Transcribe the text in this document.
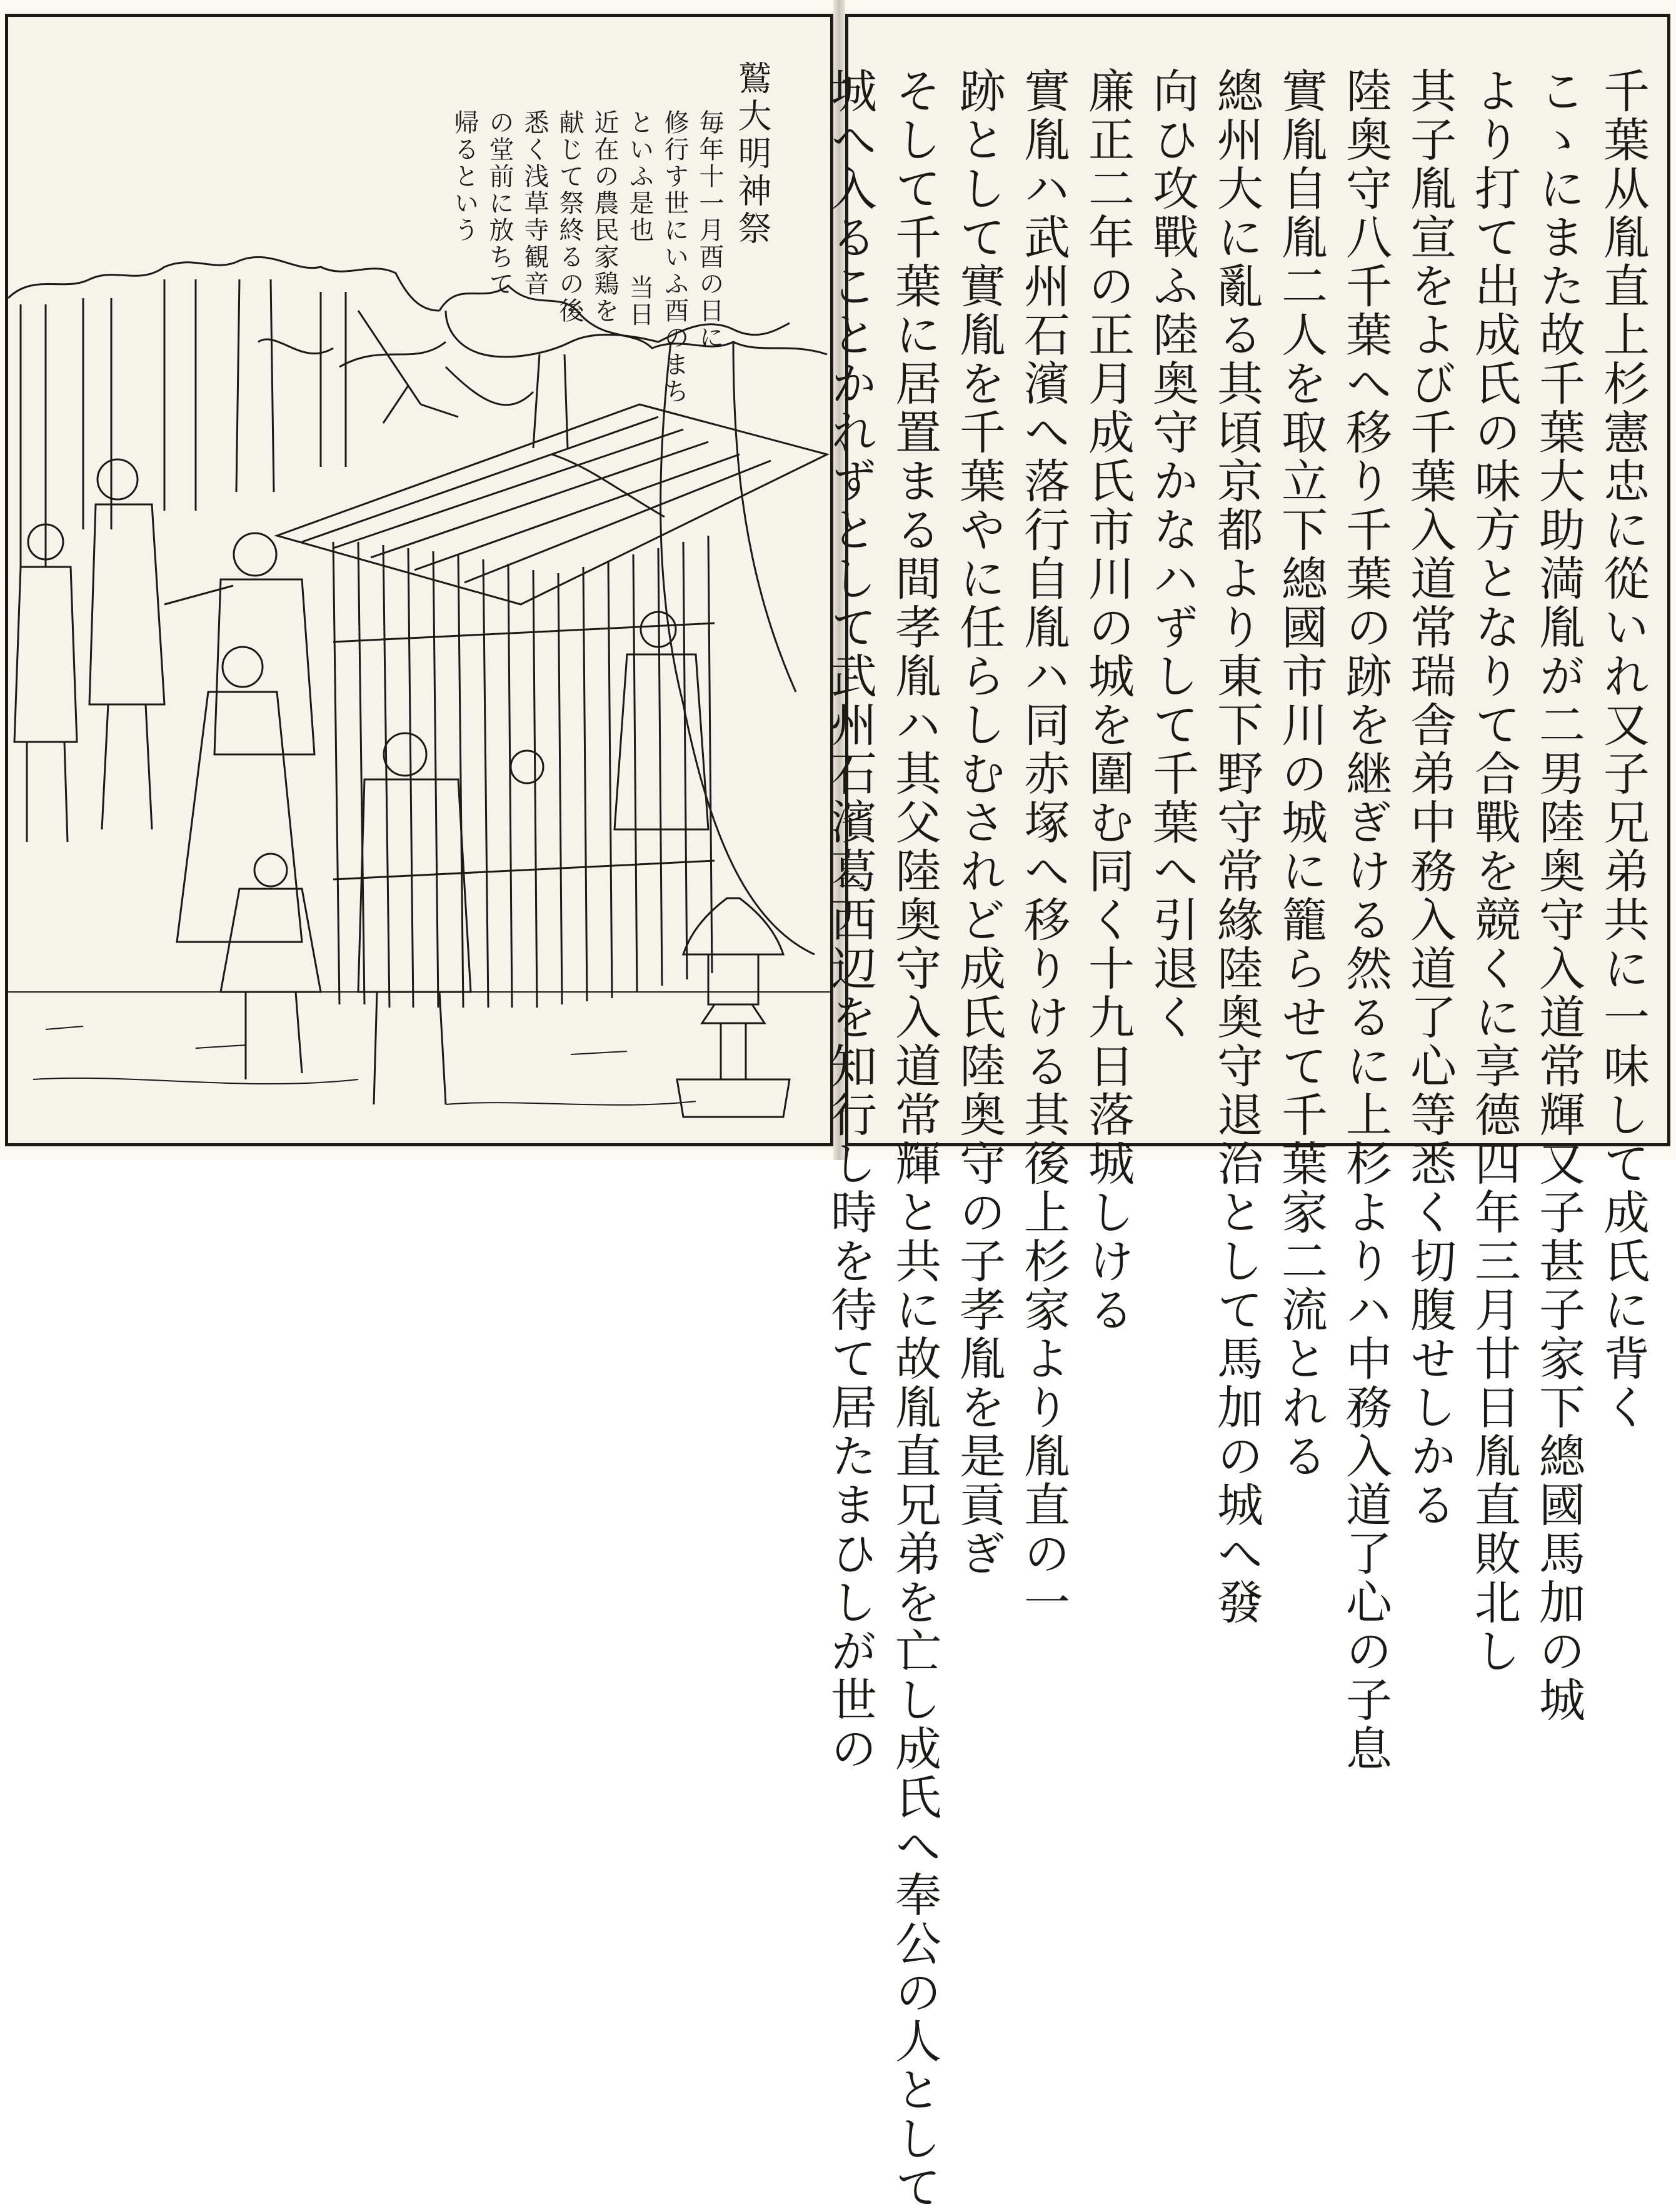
鷲大明神祭
毎年十一月酉の日に
修行す世にいふ酉のまち
といふ是也 当日
近在の農民家鶏を
献じて祭終るの後
悉く浅草寺観音
の堂前に放ちて
帰るという	千葉从胤直上杉憲忠に從いれ又子兄弟共に一味して成氏に背く
こゝにまた故千葉大助満胤が二男陸奥守入道常輝又子甚子家下總國馬加の城
より打て出成氏の味方となりて合戰を競くに享德四年三月廿日胤直敗北し
其子胤宣をよび千葉入道常瑞舎弟中務入道了心等悉く切腹せしかる
陸奥守八千葉へ移り千葉の跡を継ぎける然るに上杉よりハ中務入道了心の子息
實胤自胤二人を取立下總國市川の城に籠らせて千葉家二流とれる
總州大に亂る其頃京都より東下野守常緣陸奥守退治として馬加の城へ發
向ひ攻戰ふ陸奥守かなハずして千葉へ引退く
廉正二年の正月成氏市川の城を圍む同く十九日落城しける
實胤ハ武州石濱へ落行自胤ハ同赤塚へ移りける其後上杉家より胤直の一
跡として實胤を千葉やに任らしむされど成氏陸奥守の子孝胤を是貢ぎ
そして千葉に居置まる間孝胤ハ其父陸奥守入道常輝と共に故胤直兄弟を亡し成氏へ奉公の人として
城へ入ることかれずとして武州石濱葛西辺を知行し時を待て居たまひしが世の
